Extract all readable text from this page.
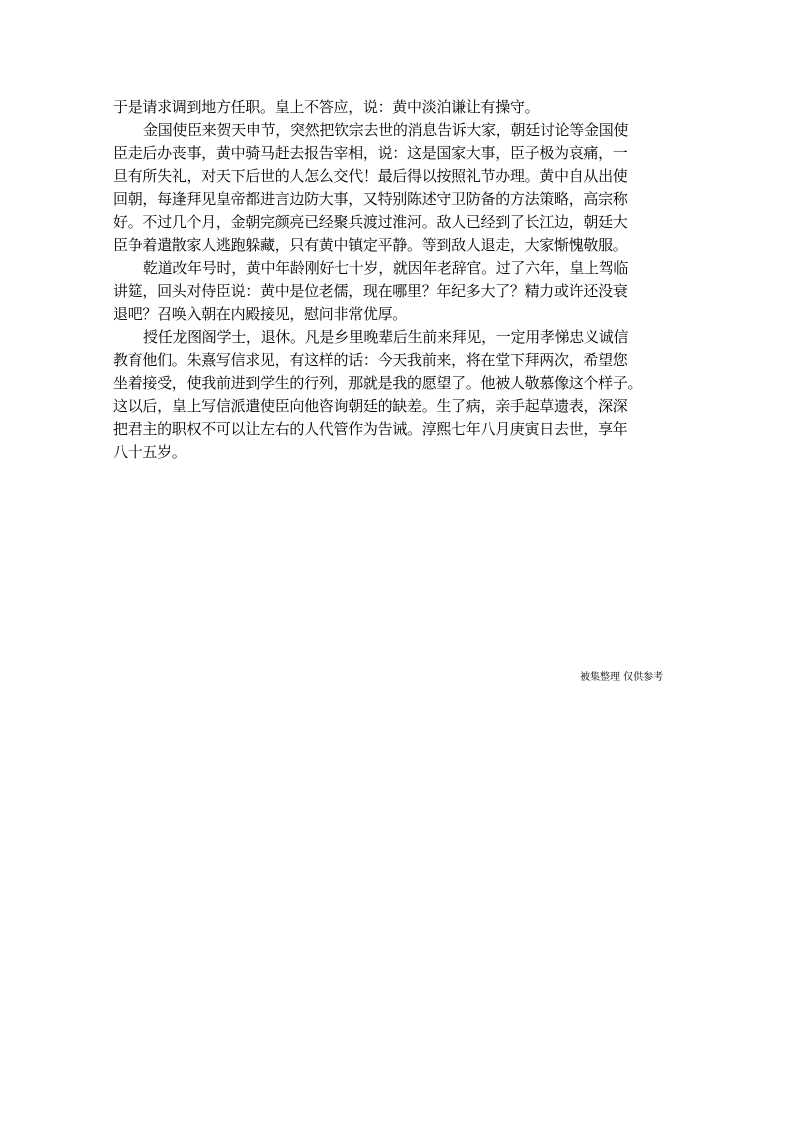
于是请求调到地方任职。皇上不答应，说：黄中淡泊谦让有操守。
金国使臣来贺天申节，突然把钦宗去世的消息告诉大家，朝廷讨论等金国使
臣走后办丧事，黄中骑马赶去报告宰相，说：这是国家大事，臣子极为哀痛，一
旦有所失礼，对天下后世的人怎么交代！最后得以按照礼节办理。黄中自从出使
回朝，每逢拜见皇帝都进言边防大事，又特别陈述守卫防备的方法策略，高宗称
好。不过几个月，金朝完颜亮已经聚兵渡过淮河。敌人已经到了长江边，朝廷大
臣争着遣散家人逃跑躲藏，只有黄中镇定平静。等到敌人退走，大家惭愧敬服。
乾道改年号时，黄中年龄刚好七十岁，就因年老辞官。过了六年，皇上驾临
讲筵，回头对侍臣说：黄中是位老儒，现在哪里？年纪多大了？精力或许还没衰
退吧？召唤入朝在内殿接见，慰问非常优厚。
授任龙图阁学士，退休。凡是乡里晚辈后生前来拜见，一定用孝悌忠义诚信
教育他们。朱熹写信求见，有这样的话：今天我前来，将在堂下拜两次，希望您
坐着接受，使我前进到学生的行列，那就是我的愿望了。他被人敬慕像这个样子。
这以后，皇上写信派遣使臣向他咨询朝廷的缺差。生了病，亲手起草遗表，深深
把君主的职权不可以让左右的人代管作为告诫。淳熙七年八月庚寅日去世，享年
八十五岁。
被集整理 仅供参考
